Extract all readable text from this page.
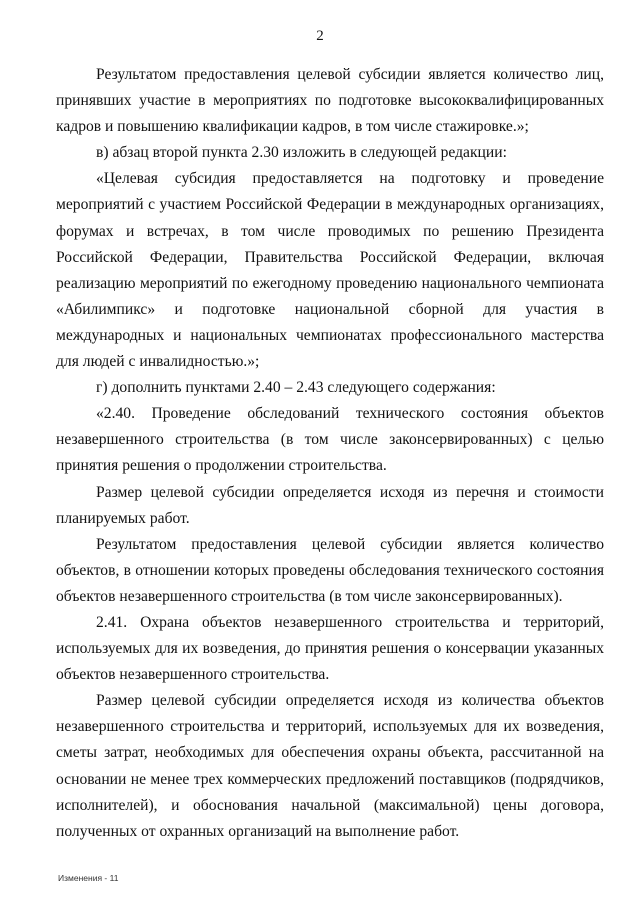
2

Результатом предоставления целевой субсидии является количество лиц, принявших участие в мероприятиях по подготовке высококвалифицированных кадров и повышению квалификации кадров, в том числе стажировке.»;

в) абзац второй пункта 2.30 изложить в следующей редакции:

«Целевая субсидия предоставляется на подготовку и проведение мероприятий с участием Российской Федерации в международных организациях, форумах и встречах, в том числе проводимых по решению Президента Российской Федерации, Правительства Российской Федерации, включая реализацию мероприятий по ежегодному проведению национального чемпионата «Абилимпикс» и подготовке национальной сборной для участия в международных и национальных чемпионатах профессионального мастерства для людей с инвалидностью.»;

г) дополнить пунктами 2.40 – 2.43 следующего содержания:

«2.40. Проведение обследований технического состояния объектов незавершенного строительства (в том числе законсервированных) с целью принятия решения о продолжении строительства.

Размер целевой субсидии определяется исходя из перечня и стоимости планируемых работ.

Результатом предоставления целевой субсидии является количество объектов, в отношении которых проведены обследования технического состояния объектов незавершенного строительства (в том числе законсервированных).

2.41. Охрана объектов незавершенного строительства и территорий, используемых для их возведения, до принятия решения о консервации указанных объектов незавершенного строительства.

Размер целевой субсидии определяется исходя из количества объектов незавершенного строительства и территорий, используемых для их возведения, сметы затрат, необходимых для обеспечения охраны объекта, рассчитанной на основании не менее трех коммерческих предложений поставщиков (подрядчиков, исполнителей), и обоснования начальной (максимальной) цены договора, полученных от охранных организаций на выполнение работ.

Изменения - 11
